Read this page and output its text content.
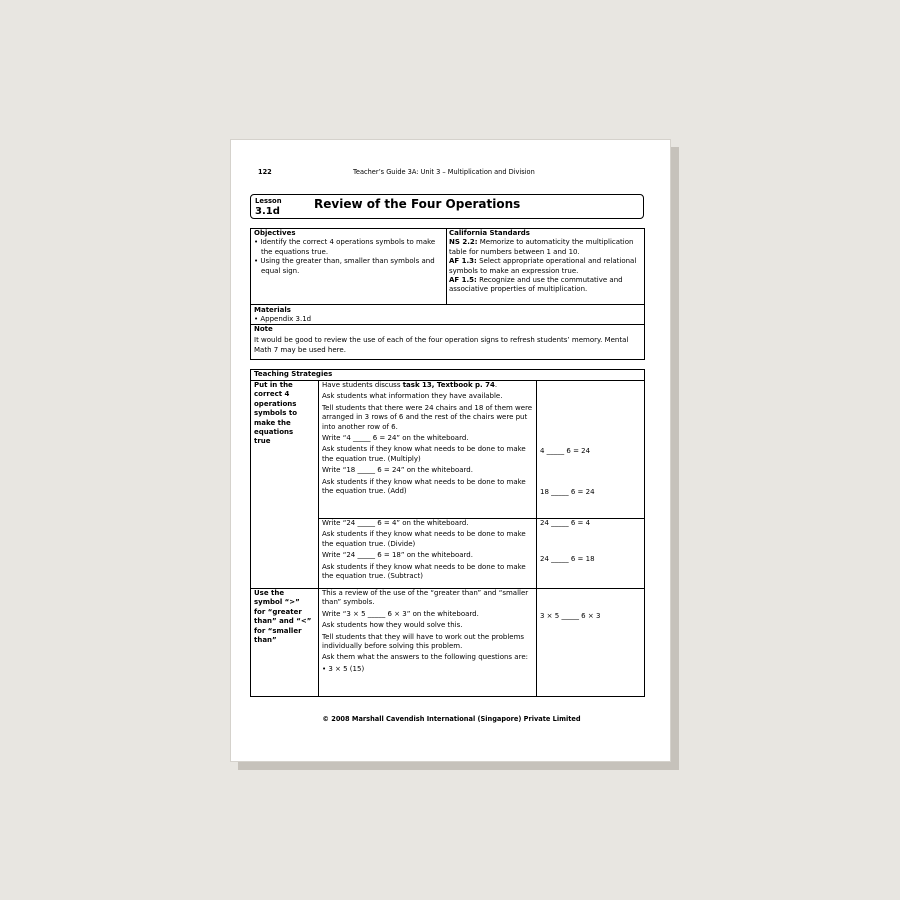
122	Teacher’s Guide 3A: Unit 3 – Multiplication and Division
Lesson
3.1d
Review of the Four Operations
Objectives
• Identify the correct 4 operations symbols to make the equations true.
• Using the greater than, smaller than symbols and equal sign.
California Standards
NS 2.2: Memorize to automaticity the multiplication table for numbers between 1 and 10.
AF 1.3: Select appropriate operational and relational symbols to make an expression true.
AF 1.5: Recognize and use the commutative and associative properties of multiplication.
Materials
• Appendix 3.1d
Note
It would be good to review the use of each of the four operation signs to refresh students’ memory. Mental Math 7 may be used here.
Teaching Strategies
Put in the correct 4 operations symbols to make the equations true

Have students discuss task 13, Textbook p. 74.

Ask students what information they have available.

Tell students that there were 24 chairs and 18 of them were arranged in 3 rows of 6 and the rest of the chairs were put into another row of 6.

Write “4 _____ 6 = 24” on the whiteboard.

Ask students if they know what needs to be done to make the equation true. (Multiply)

Write “18 _____ 6 = 24” on the whiteboard.

Ask students if they know what needs to be done to make the equation true. (Add)

4 _____ 6 = 24
18 _____ 6 = 24

Write “24 _____ 6 = 4” on the whiteboard.

Ask students if they know what needs to be done to make the equation true. (Divide)

Write “24 _____ 6 = 18” on the whiteboard.

Ask students if they know what needs to be done to make the equation true. (Subtract)

24 _____ 6 = 4
24 _____ 6 = 18
Use the symbol “>” for “greater than” and “<” for “smaller than”

This a review of the use of the “greater than” and “smaller than” symbols.

Write “3 × 5 _____ 6 × 3” on the whiteboard.

Ask students how they would solve this.

Tell students that they will have to work out the problems individually before solving this problem.

Ask them what the answers to the following questions are:

• 3 × 5 (15)

3 × 5 _____ 6 × 3
© 2008 Marshall Cavendish International (Singapore) Private Limited
